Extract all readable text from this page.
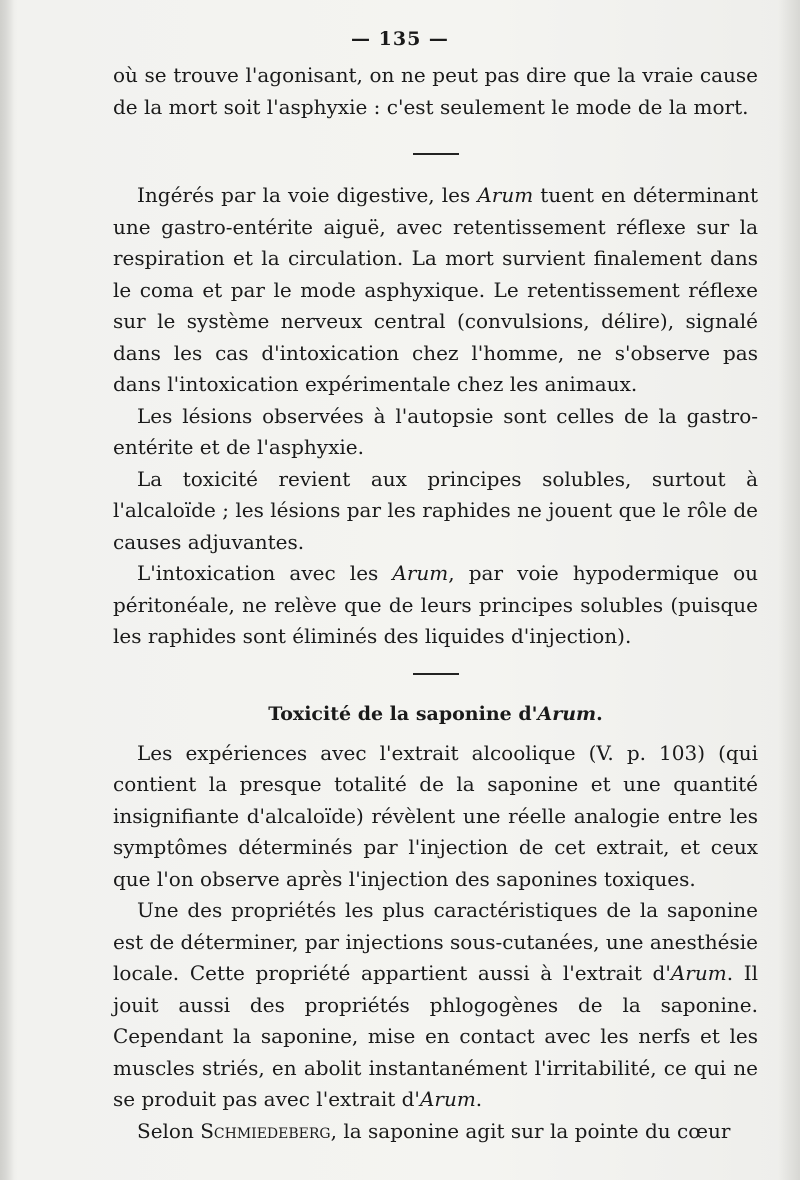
— 135 —

où se trouve l'agonisant, on ne peut pas dire que la vraie cause de la mort soit l'asphyxie : c'est seulement le mode de la mort.

Ingérés par la voie digestive, les Arum tuent en déterminant une gastro-entérite aiguë, avec retentissement réflexe sur la respiration et la circulation. La mort survient finalement dans le coma et par le mode asphyxique. Le retentissement réflexe sur le système nerveux central (convulsions, délire), signalé dans les cas d'intoxication chez l'homme, ne s'observe pas dans l'intoxication expérimentale chez les animaux.

Les lésions observées à l'autopsie sont celles de la gastro-entérite et de l'asphyxie.

La toxicité revient aux principes solubles, surtout à l'alcaloïde ; les lésions par les raphides ne jouent que le rôle de causes adjuvantes.

L'intoxication avec les Arum, par voie hypodermique ou péritonéale, ne relève que de leurs principes solubles (puisque les raphides sont éliminés des liquides d'injection).

Toxicité de la saponine d'Arum.

Les expériences avec l'extrait alcoolique (V. p. 103) (qui contient la presque totalité de la saponine et une quantité insignifiante d'alcaloïde) révèlent une réelle analogie entre les symptômes déterminés par l'injection de cet extrait, et ceux que l'on observe après l'injection des saponines toxiques.

Une des propriétés les plus caractéristiques de la saponine est de déterminer, par injections sous-cutanées, une anesthésie locale. Cette propriété appartient aussi à l'extrait d'Arum. Il jouit aussi des propriétés phlogogènes de la saponine. Cependant la saponine, mise en contact avec les nerfs et les muscles striés, en abolit instantanément l'irritabilité, ce qui ne se produit pas avec l'extrait d'Arum.

Selon Schmiedeberg, la saponine agit sur la pointe du cœur
